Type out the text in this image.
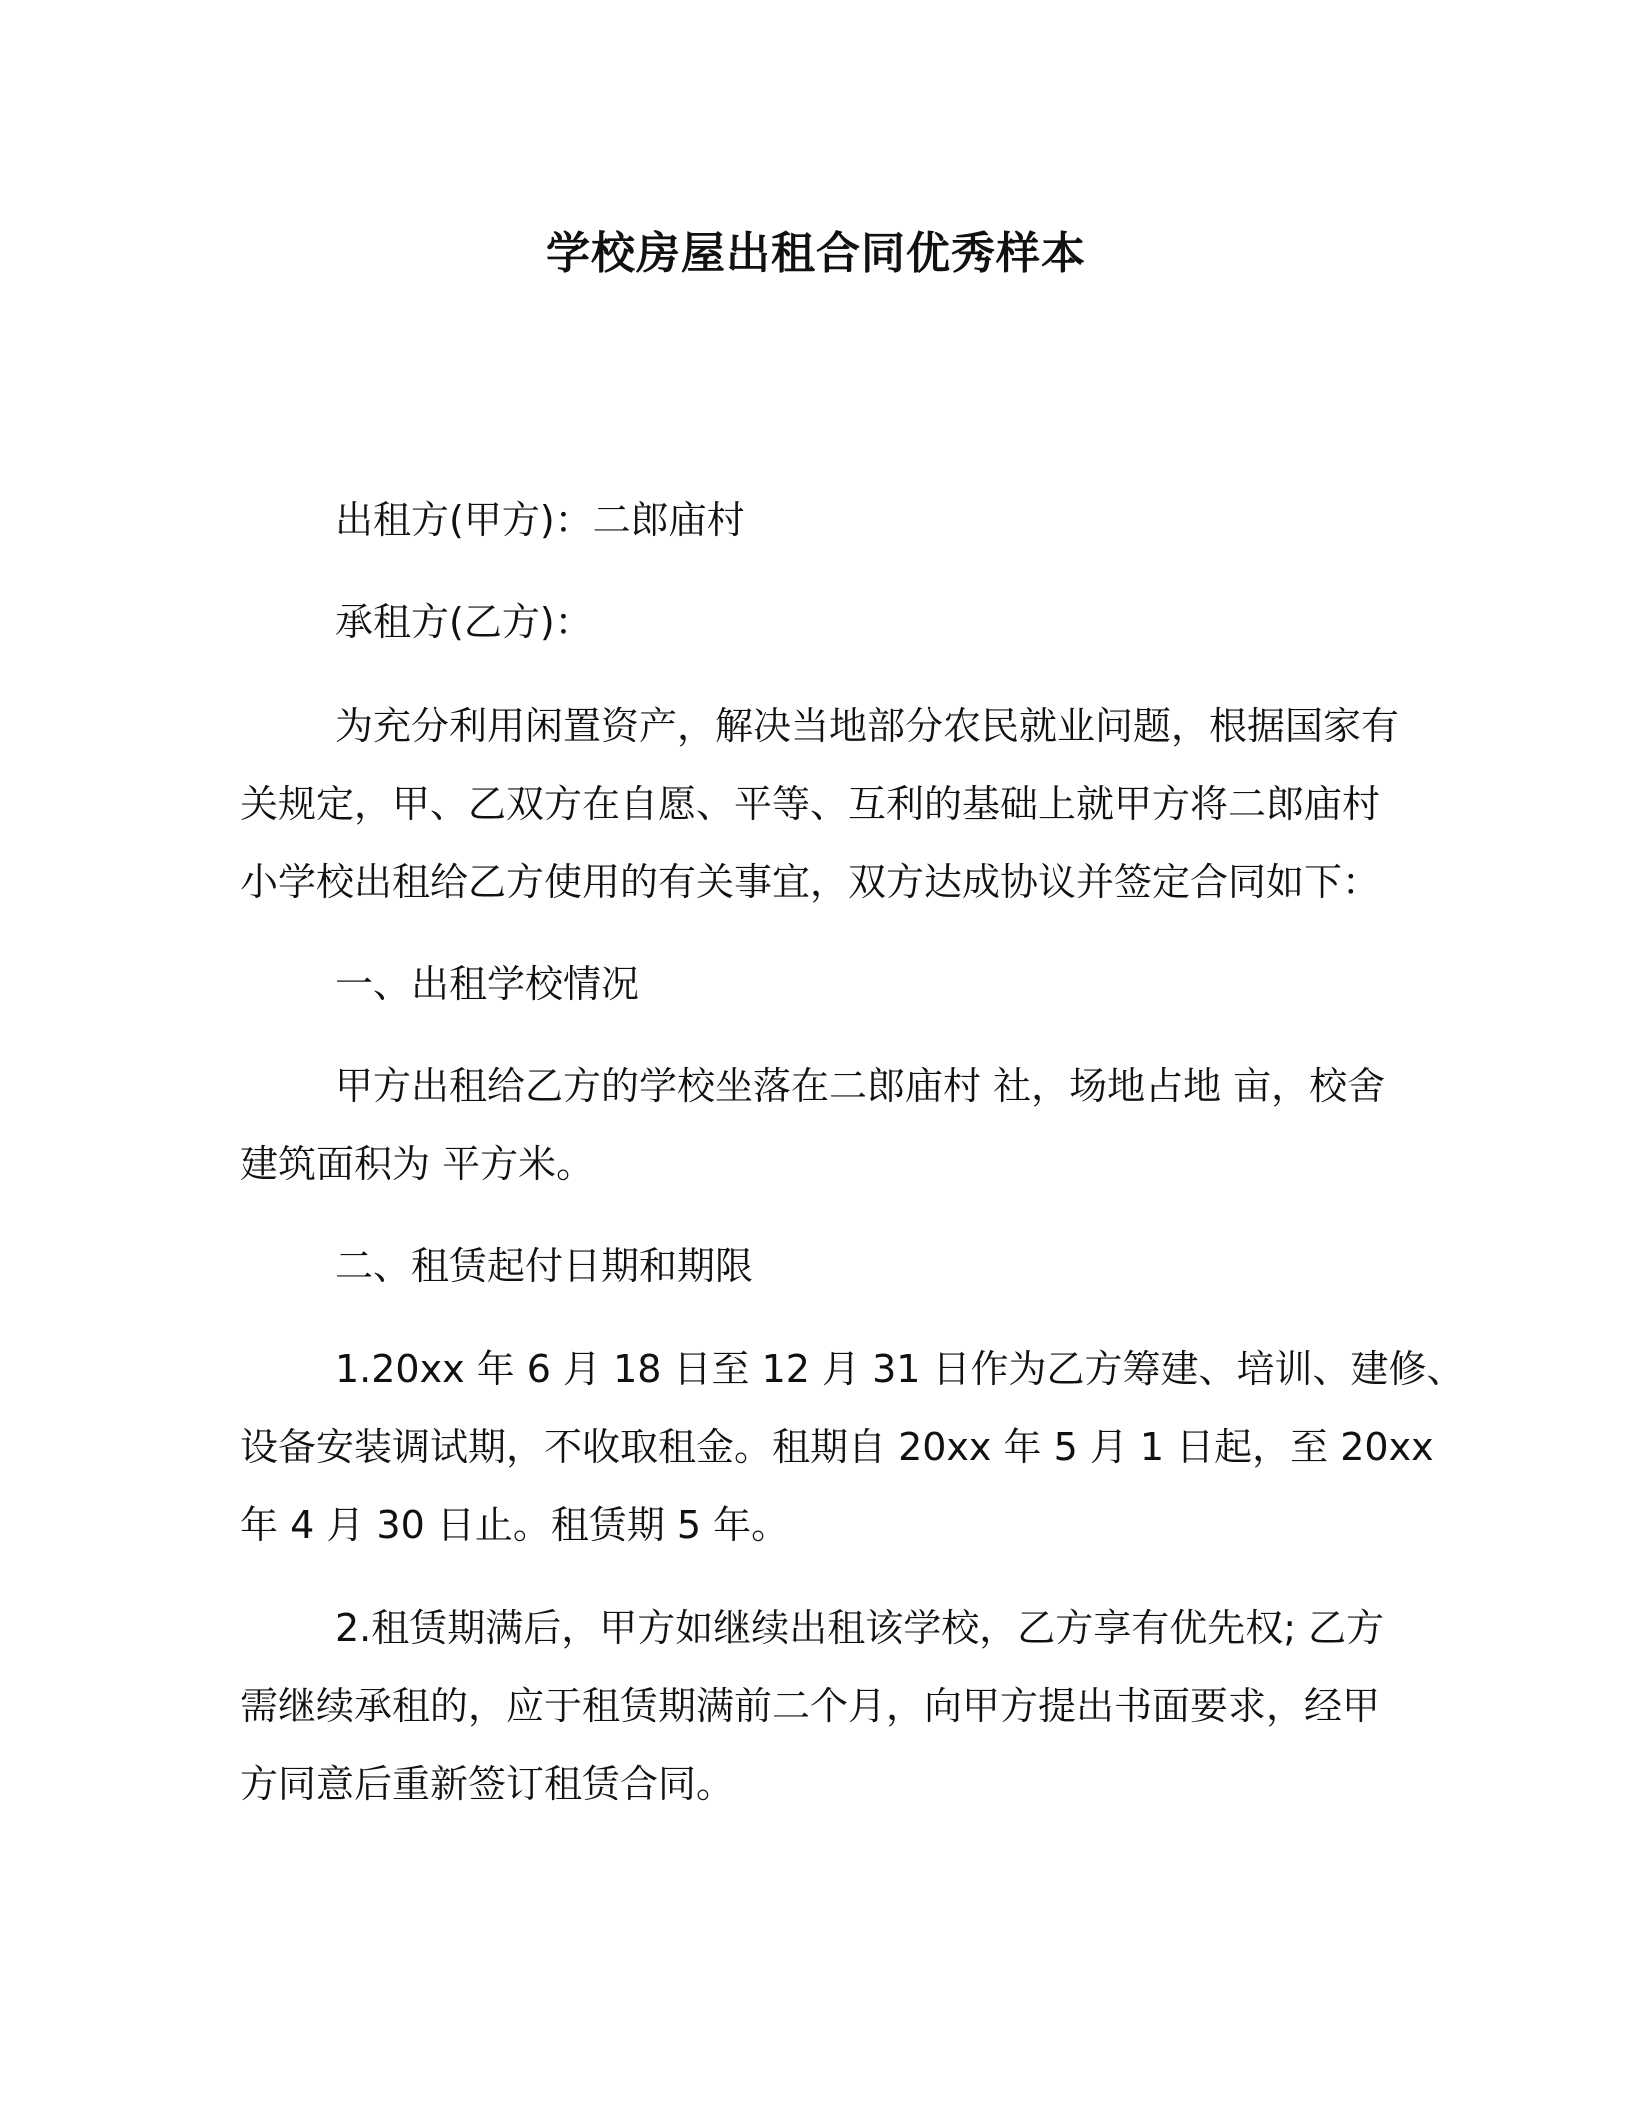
学校房屋出租合同优秀样本

出租方(甲方)：二郎庙村

承租方(乙方)：

为充分利用闲置资产，解决当地部分农民就业问题，根据国家有

关规定，甲、乙双方在自愿、平等、互利的基础上就甲方将二郎庙村

小学校出租给乙方使用的有关事宜，双方达成协议并签定合同如下：

一、出租学校情况

甲方出租给乙方的学校坐落在二郎庙村 社，场地占地 亩，校舍

建筑面积为 平方米。

二、租赁起付日期和期限

1.20xx 年 6 月 18 日至 12 月 31 日作为乙方筹建、培训、建修、

设备安装调试期，不收取租金。租期自 20xx 年 5 月 1 日起，至 20xx

年 4 月 30 日止。租赁期 5 年。

2.租赁期满后，甲方如继续出租该学校，乙方享有优先权; 乙方

需继续承租的，应于租赁期满前二个月，向甲方提出书面要求，经甲

方同意后重新签订租赁合同。
